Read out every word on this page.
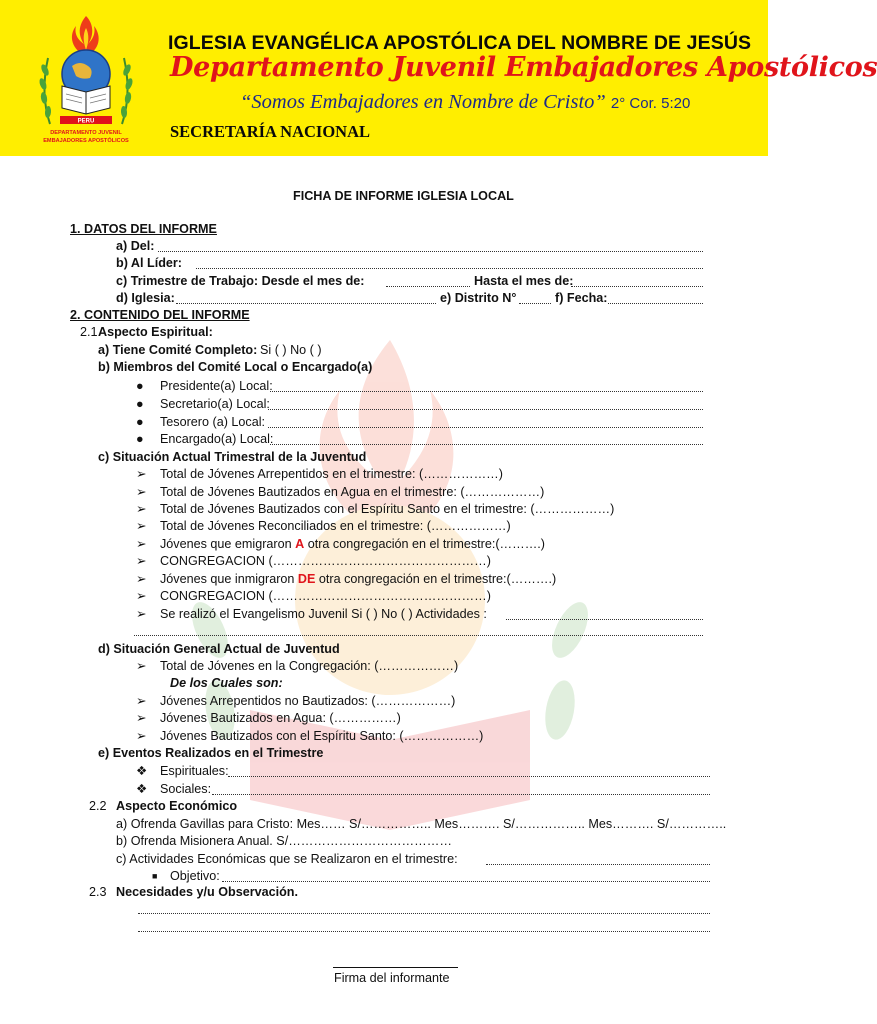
PERU
DEPARTAMENTO JUVENIL
EMBAJADORES APOSTÓLICOS
IGLESIA EVANGÉLICA APOSTÓLICA DEL NOMBRE DE JESÚS
Departamento Juvenil Embajadores Apostólicos
“Somos Embajadores en Nombre de Cristo” 2° Cor. 5:20
SECRETARÍA NACIONAL
FICHA DE INFORME IGLESIA LOCAL
1. DATOS DEL INFORME
a) Del:
b) Al Líder:
c) Trimestre de Trabajo: Desde el mes de:	Hasta el mes de:
d) Iglesia:	e) Distrito N°	f) Fecha:
2. CONTENIDO DEL INFORME
2.1 Aspecto Espiritual:
a) Tiene Comité Completo: Si ( ) No ( )
b) Miembros del Comité Local o Encargado(a)
● Presidente(a) Local:
● Secretario(a) Local:
● Tesorero (a) Local:
● Encargado(a) Local:
c) Situación Actual Trimestral de la Juventud
➢ Total de Jóvenes Arrepentidos en el trimestre: (………………)
➢ Total de Jóvenes Bautizados en Agua en el trimestre: (………………)
➢ Total de Jóvenes Bautizados con el Espíritu Santo en el trimestre: (………………)
➢ Total de Jóvenes Reconciliados en el trimestre: (………………)
➢ Jóvenes que emigraron A otra congregación en el trimestre:(……….)
➢ CONGREGACION (……………………………………………)
➢ Jóvenes que inmigraron DE otra congregación en el trimestre:(……….)
➢ CONGREGACION (……………………………………………)
➢ Se realizó el Evangelismo Juvenil Si ( ) No ( ) Actividades :
d) Situación General Actual de Juventud
➢ Total de Jóvenes en la Congregación: (………………)
De los Cuales son:
➢ Jóvenes Arrepentidos no Bautizados: (………………)
➢ Jóvenes Bautizados en Agua: (……………)
➢ Jóvenes Bautizados con el Espíritu Santo: (………………)
e) Eventos Realizados en el Trimestre
❖ Espirituales:
❖ Sociales:
2.2 Aspecto Económico
a) Ofrenda Gavillas para Cristo: Mes…… S/…………….. Mes………. S/…………….. Mes………. S/…………..
b) Ofrenda Misionera Anual. S/…………………………………
c) Actividades Económicas que se Realizaron en el trimestre:
■ Objetivo:
2.3 Necesidades y/u Observación.
Firma del informante
